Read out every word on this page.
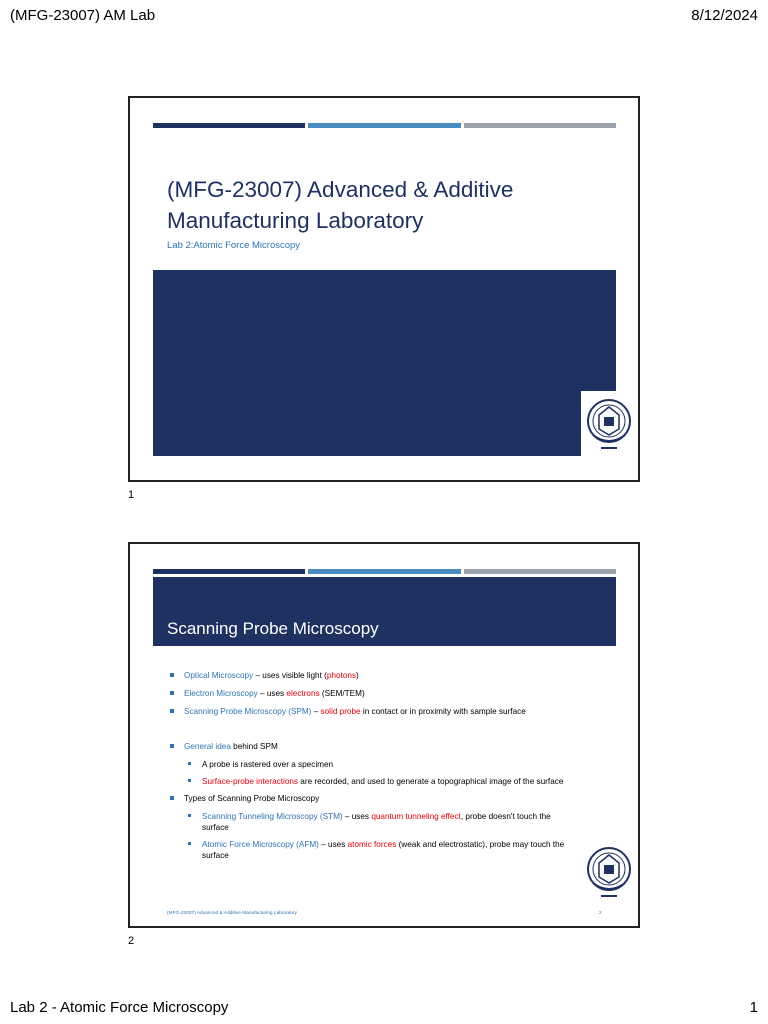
(MFG-23007) AM Lab	8/12/2024
(MFG-23007) Advanced & Additive
Manufacturing Laboratory
Lab 2:Atomic Force Microscopy
1
Scanning Probe Microscopy
Optical Microscopy – uses visible light (photons)
Electron Microscopy – uses electrons (SEM/TEM)
Scanning Probe Microscopy (SPM) – solid probe in contact or in proximity with sample surface
General idea behind SPM
A probe is rastered over a specimen
Surface-probe interactions are recorded, and used to generate a topographical image of the surface
Types of Scanning Probe Microscopy
Scanning Tunneling Microscopy (STM) – uses quantum tunneling effect, probe doesn't touch the surface
Atomic Force Microscopy (AFM) – uses atomic forces (weak and electrostatic), probe may touch the surface
(MFG-23007) Advanced & Additive Manufacturing Laboratory	2
2
Lab 2 - Atomic Force Microscopy	1
